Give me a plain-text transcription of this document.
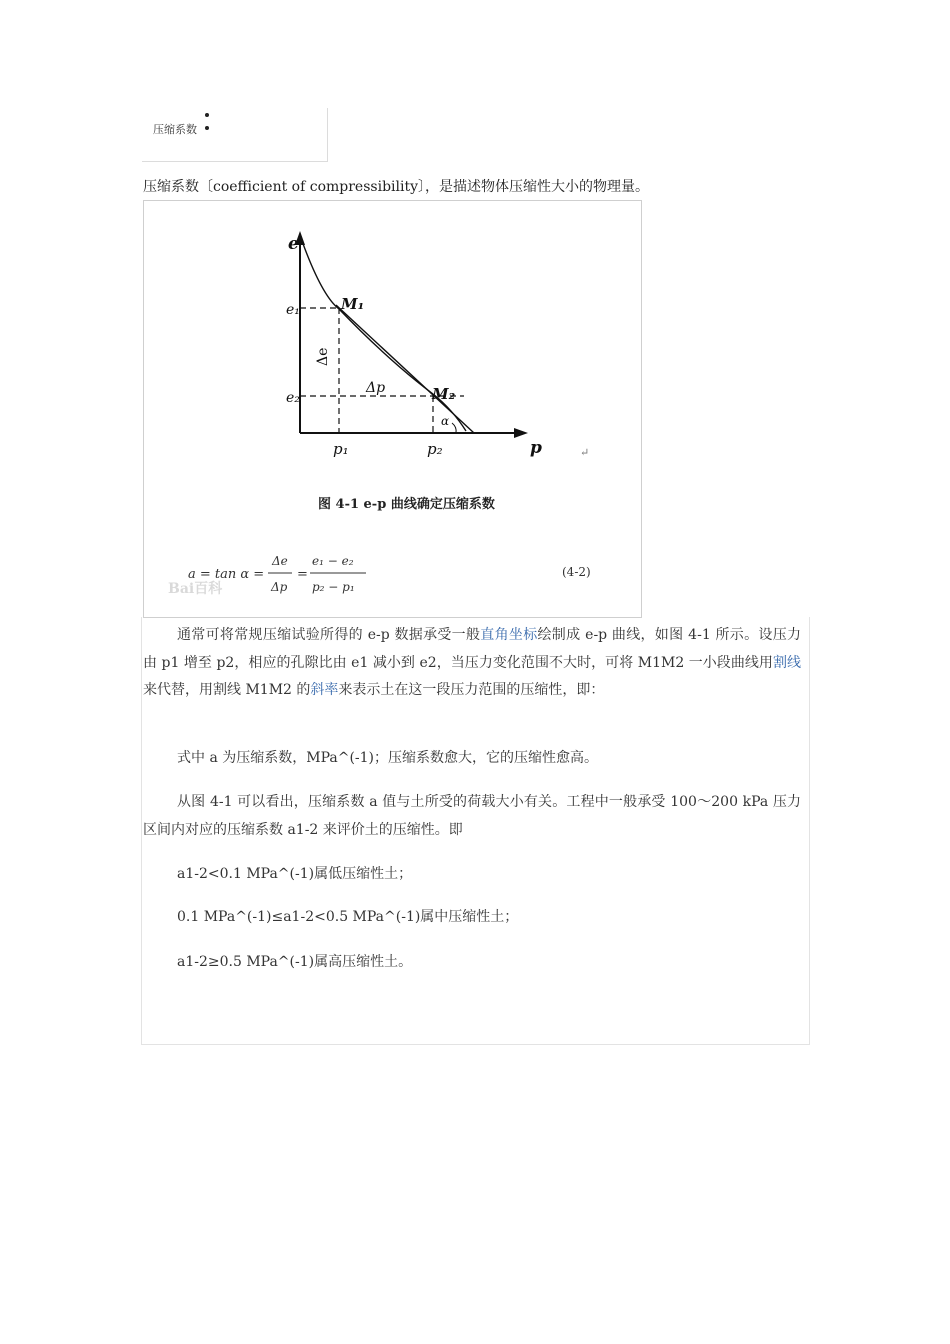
压缩系数
压缩系数〔coefficient of compressibility〕，是描述物体压缩性大小的物理量。
e
p
e₁
e₂
p₁	p₂
M₁
M₂
Δe
Δp
α
↵
图 4-1 e-p 曲线确定压缩系数
a = tan α =
Δe
Δp
=
e₁ − e₂
p₂ − p₁
(4-2)
Bai百科
通常可将常规压缩试验所得的 e-p 数据承受一般直角坐标绘制成 e-p 曲线，如图 4-1 所示。设压力由 p1 增至 p2，相应的孔隙比由 e1 减小到 e2，当压力变化范围不大时，可将 M1M2 一小段曲线用割线来代替，用割线 M1M2 的斜率来表示土在这一段压力范围的压缩性，即：
式中 a 为压缩系数，MPa^(-1)；压缩系数愈大，它的压缩性愈高。
从图 4-1 可以看出，压缩系数 a 值与土所受的荷载大小有关。工程中一般承受 100～200 kPa 压力区间内对应的压缩系数 a1-2 来评价土的压缩性。即
a1-2<0.1 MPa^(-1)属低压缩性土；
0.1 MPa^(-1)≤a1-2<0.5 MPa^(-1)属中压缩性土；
a1-2≥0.5 MPa^(-1)属高压缩性土。
